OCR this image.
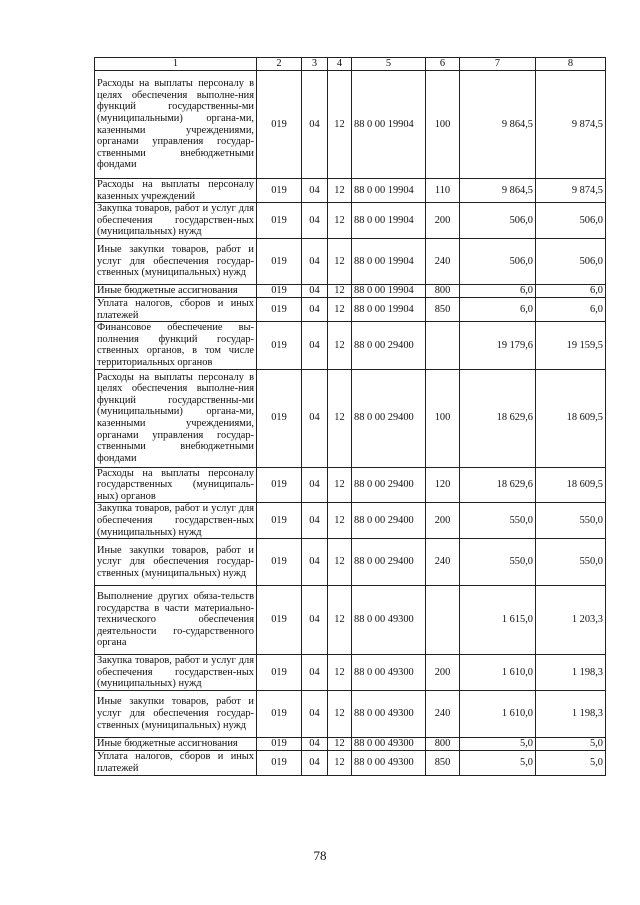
1	2	3	4	5	6	7	8
Расходы на выплаты персоналу в целях обеспечения выполне-ния функций государственны-ми (муниципальными) органа-ми, казенными учреждениями, органами управления государ-ственными внебюджетными фондами	019	04	12	88 0 00 19904	100	9 864,5	9 874,5
Расходы на выплаты персоналу казенных учреждений	019	04	12	88 0 00 19904	110	9 864,5	9 874,5
Закупка товаров, работ и услуг для обеспечения государствен-ных (муниципальных) нужд	019	04	12	88 0 00 19904	200	506,0	506,0
Иные закупки товаров, работ и услуг для обеспечения государ-ственных (муниципальных) нужд	019	04	12	88 0 00 19904	240	506,0	506,0
Иные бюджетные ассигнования	019	04	12	88 0 00 19904	800	6,0	6,0
Уплата налогов, сборов и иных платежей	019	04	12	88 0 00 19904	850	6,0	6,0
Финансовое обеспечение вы-полнения функций государ-ственных органов, в том числе территориальных органов	019	04	12	88 0 00 29400		19 179,6	19 159,5
Расходы на выплаты персоналу в целях обеспечения выполне-ния функций государственны-ми (муниципальными) органа-ми, казенными учреждениями, органами управления государ-ственными внебюджетными фондами	019	04	12	88 0 00 29400	100	18 629,6	18 609,5
Расходы на выплаты персоналу государственных (муниципаль-ных) органов	019	04	12	88 0 00 29400	120	18 629,6	18 609,5
Закупка товаров, работ и услуг для обеспечения государствен-ных (муниципальных) нужд	019	04	12	88 0 00 29400	200	550,0	550,0
Иные закупки товаров, работ и услуг для обеспечения государ-ственных (муниципальных) нужд	019	04	12	88 0 00 29400	240	550,0	550,0
Выполнение других обяза-тельств государства в части материально-технического обеспечения деятельности го-сударственного органа	019	04	12	88 0 00 49300		1 615,0	1 203,3
Закупка товаров, работ и услуг для обеспечения государствен-ных (муниципальных) нужд	019	04	12	88 0 00 49300	200	1 610,0	1 198,3
Иные закупки товаров, работ и услуг для обеспечения государ-ственных (муниципальных) нужд	019	04	12	88 0 00 49300	240	1 610,0	1 198,3
Иные бюджетные ассигнования	019	04	12	88 0 00 49300	800	5,0	5,0
Уплата налогов, сборов и иных платежей	019	04	12	88 0 00 49300	850	5,0	5,0
78
